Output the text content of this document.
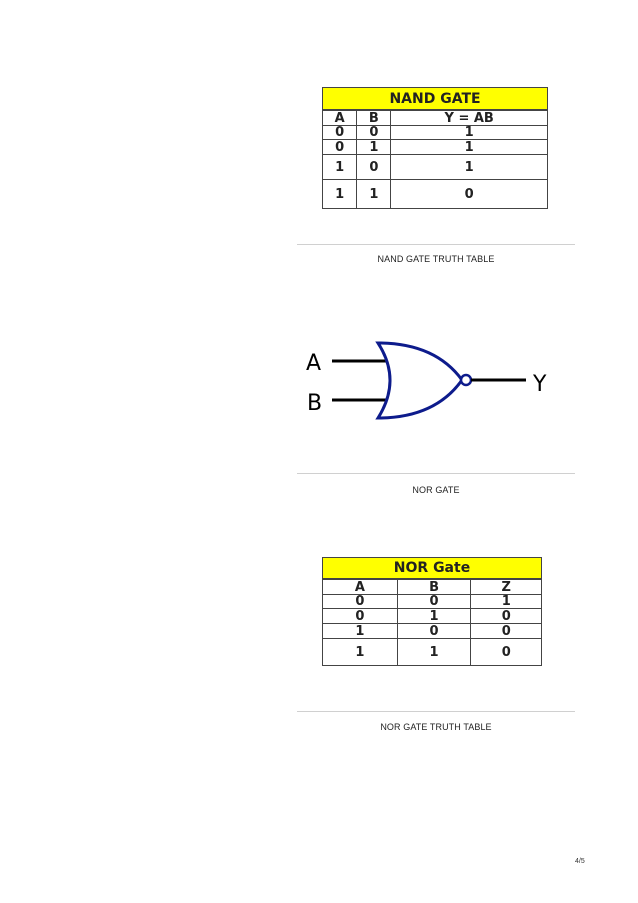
NAND GATE		
A	B	Y = AB
0	0	1
0	1	1
1	0	1
1	1	0
NAND GATE TRUTH TABLE
A
B
Y
NOR GATE
NOR Gate		
A	B	Z
0	0	1
0	1	0
1	0	0
1	1	0
NOR GATE TRUTH TABLE
4/5
